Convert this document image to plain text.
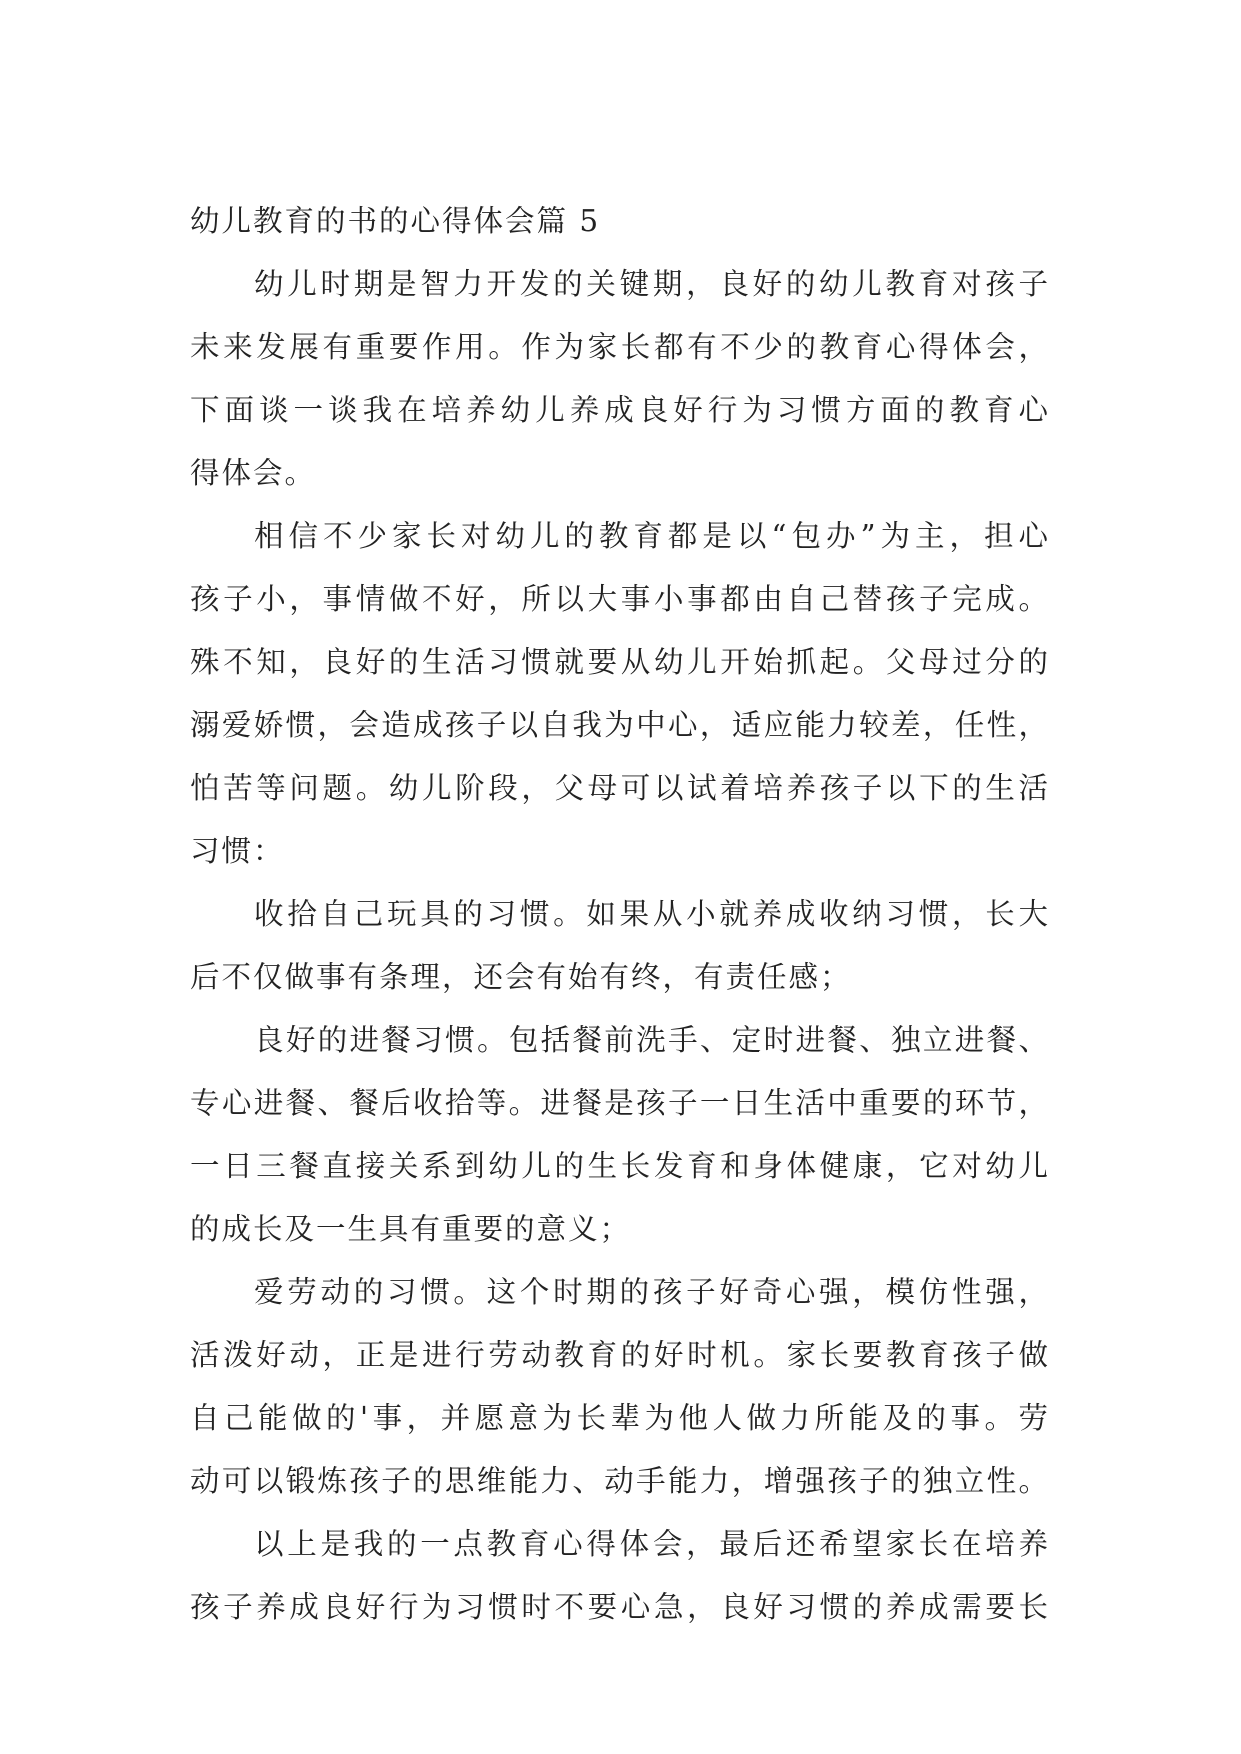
幼儿教育的书的心得体会篇 5
幼儿时期是智力开发的关键期，良好的幼儿教育对孩子
未来发展有重要作用。作为家长都有不少的教育心得体会，
下面谈一谈我在培养幼儿养成良好行为习惯方面的教育心
得体会。
相信不少家长对幼儿的教育都是以“包办”为主，担心
孩子小，事情做不好，所以大事小事都由自己替孩子完成。
殊不知，良好的生活习惯就要从幼儿开始抓起。父母过分的
溺爱娇惯，会造成孩子以自我为中心，适应能力较差，任性，
怕苦等问题。幼儿阶段，父母可以试着培养孩子以下的生活
习惯：
收拾自己玩具的习惯。如果从小就养成收纳习惯，长大
后不仅做事有条理，还会有始有终，有责任感；
良好的进餐习惯。包括餐前洗手、定时进餐、独立进餐、
专心进餐、餐后收拾等。进餐是孩子一日生活中重要的环节，
一日三餐直接关系到幼儿的生长发育和身体健康，它对幼儿
的成长及一生具有重要的意义；
爱劳动的习惯。这个时期的孩子好奇心强，模仿性强，
活泼好动，正是进行劳动教育的好时机。家长要教育孩子做
自己能做的'事，并愿意为长辈为他人做力所能及的事。劳
动可以锻炼孩子的思维能力、动手能力，增强孩子的独立性。
以上是我的一点教育心得体会，最后还希望家长在培养
孩子养成良好行为习惯时不要心急，良好习惯的养成需要长
